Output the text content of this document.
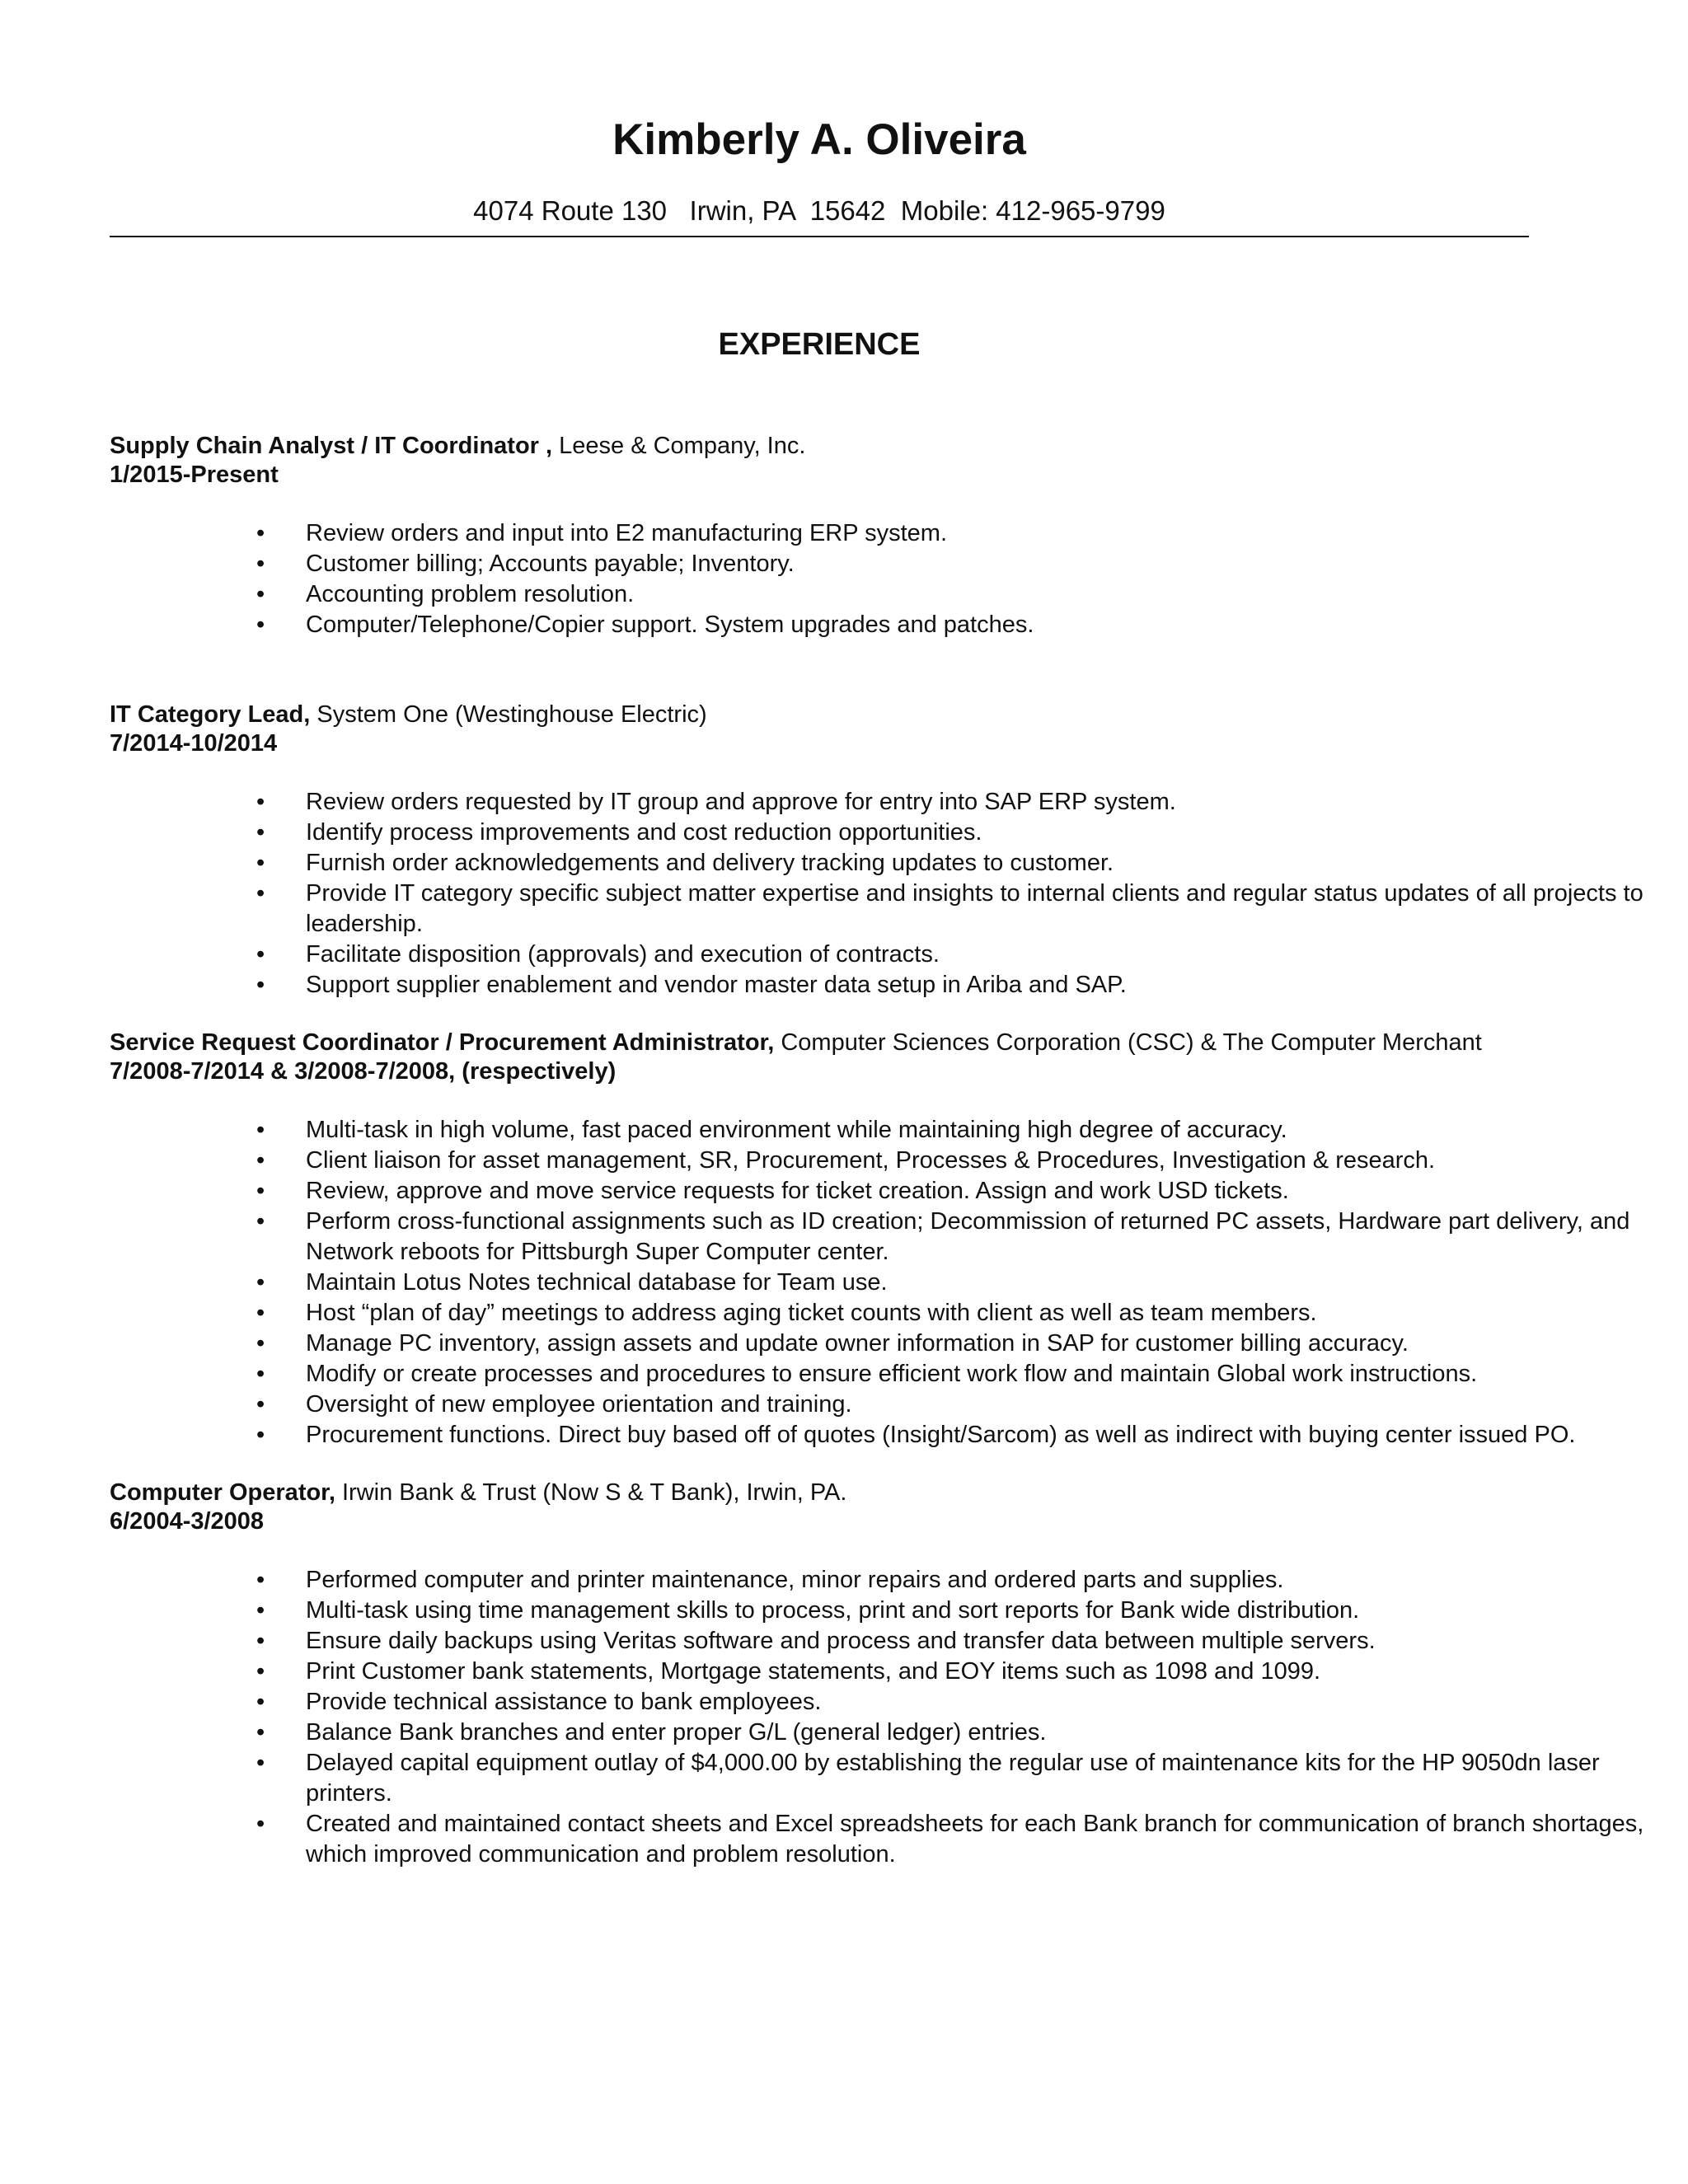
Kimberly A. Oliveira
4074 Route 130   Irwin, PA  15642  Mobile: 412-965-9799
EXPERIENCE
Supply Chain Analyst / IT Coordinator , Leese & Company, Inc.
1/2015-Present
• Review orders and input into E2 manufacturing ERP system.
• Customer billing; Accounts payable; Inventory.
• Accounting problem resolution.
• Computer/Telephone/Copier support. System upgrades and patches.
IT Category Lead, System One (Westinghouse Electric)
7/2014-10/2014
• Review orders requested by IT group and approve for entry into SAP ERP system.
• Identify process improvements and cost reduction opportunities.
• Furnish order acknowledgements and delivery tracking updates to customer.
• Provide IT category specific subject matter expertise and insights to internal clients and regular status updates of all projects to leadership.
• Facilitate disposition (approvals) and execution of contracts.
• Support supplier enablement and vendor master data setup in Ariba and SAP.
Service Request Coordinator / Procurement Administrator, Computer Sciences Corporation (CSC) & The Computer Merchant
7/2008-7/2014 & 3/2008-7/2008, (respectively)
• Multi-task in high volume, fast paced environment while maintaining high degree of accuracy.
• Client liaison for asset management, SR, Procurement, Processes & Procedures, Investigation & research.
• Review, approve and move service requests for ticket creation. Assign and work USD tickets.
• Perform cross-functional assignments such as ID creation; Decommission of returned PC assets, Hardware part delivery, and Network reboots for Pittsburgh Super Computer center.
• Maintain Lotus Notes technical database for Team use.
• Host “plan of day” meetings to address aging ticket counts with client as well as team members.
• Manage PC inventory, assign assets and update owner information in SAP for customer billing accuracy.
• Modify or create processes and procedures to ensure efficient work flow and maintain Global work instructions.
• Oversight of new employee orientation and training.
• Procurement functions. Direct buy based off of quotes (Insight/Sarcom) as well as indirect with buying center issued PO.
Computer Operator, Irwin Bank & Trust (Now S & T Bank), Irwin, PA.
6/2004-3/2008
• Performed computer and printer maintenance, minor repairs and ordered parts and supplies.
• Multi-task using time management skills to process, print and sort reports for Bank wide distribution.
• Ensure daily backups using Veritas software and process and transfer data between multiple servers.
• Print Customer bank statements, Mortgage statements, and EOY items such as 1098 and 1099.
• Provide technical assistance to bank employees.
• Balance Bank branches and enter proper G/L (general ledger) entries.
• Delayed capital equipment outlay of $4,000.00 by establishing the regular use of maintenance kits for the HP 9050dn laser printers.
• Created and maintained contact sheets and Excel spreadsheets for each Bank branch for communication of branch shortages, which improved communication and problem resolution.
